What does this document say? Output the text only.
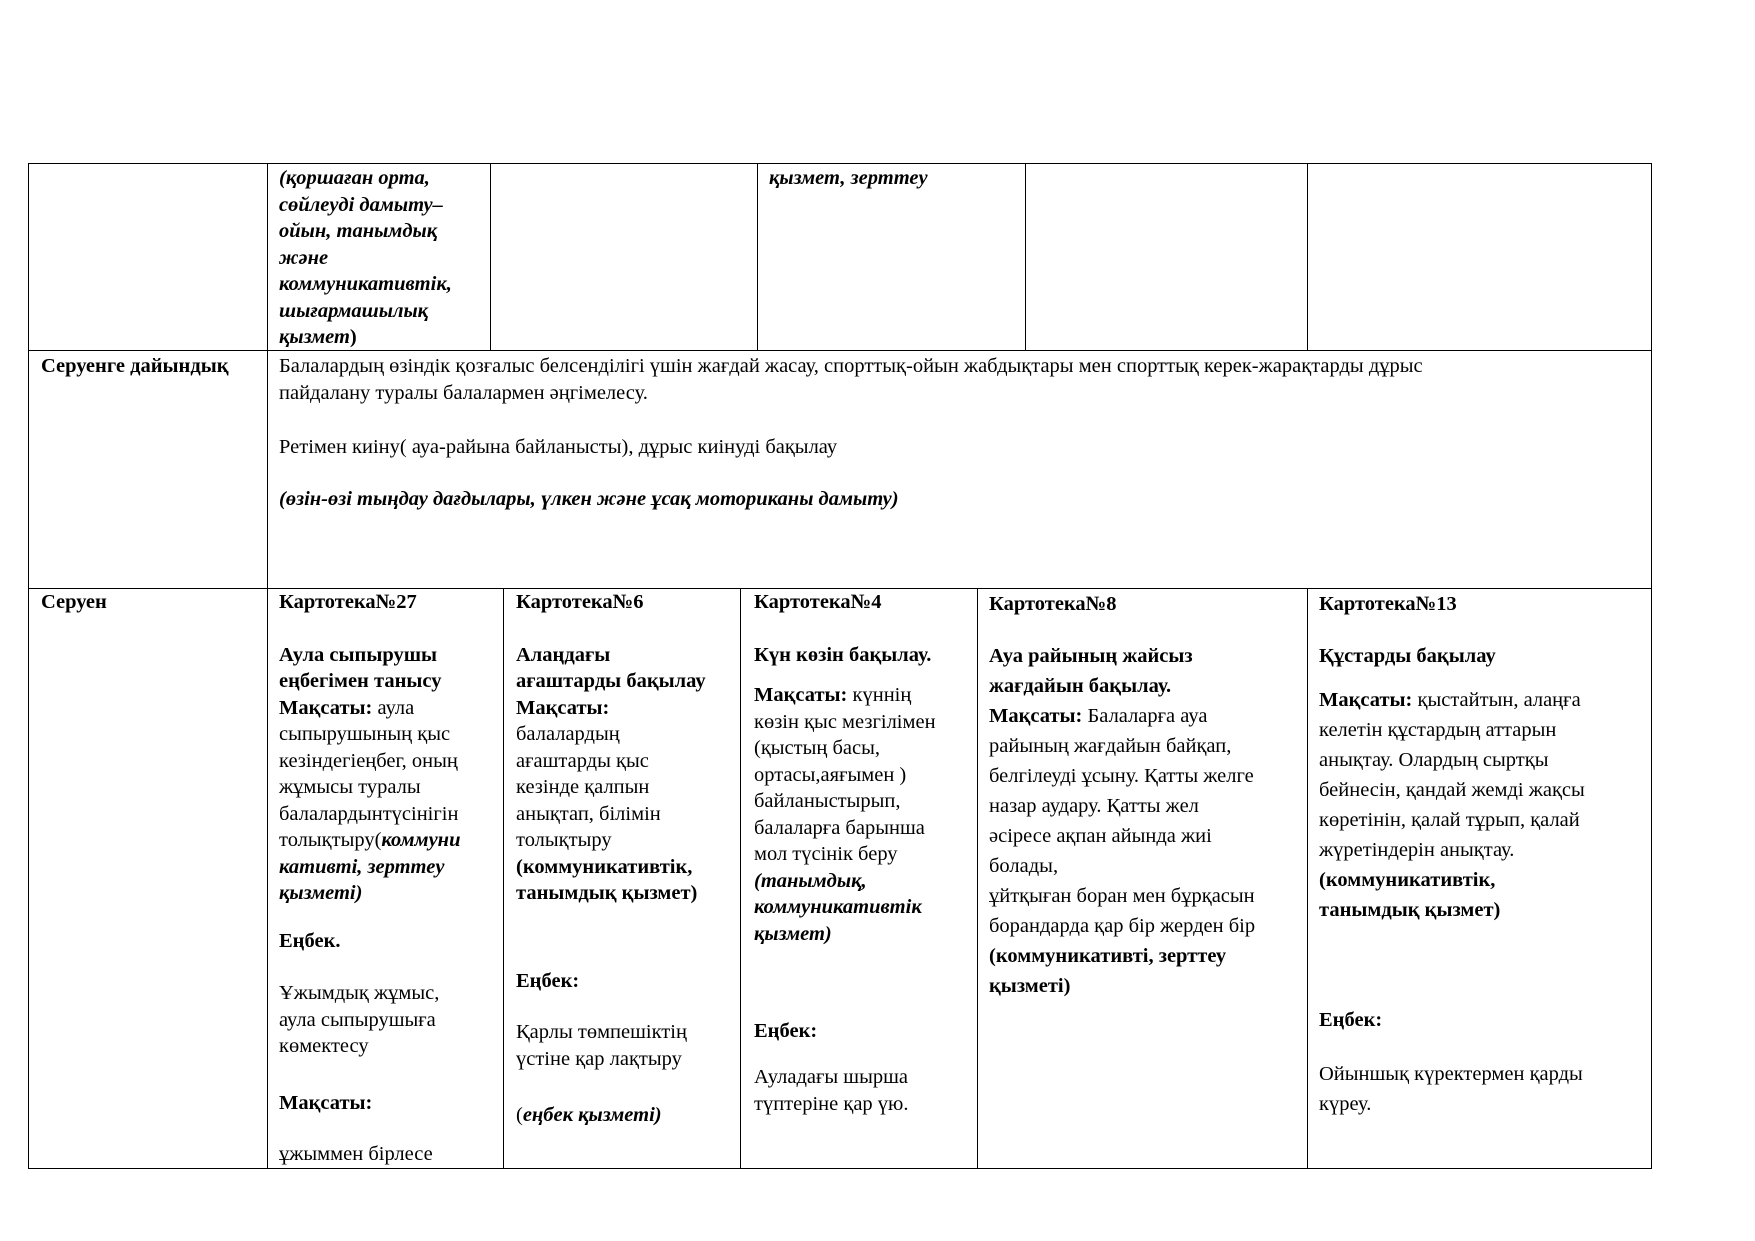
(қоршаған орта,
сөйлеуді дамыту–
ойын, танымдық
және
коммуникативтік,
шығармашылық
қызмет)
қызмет, зерттеу
Серуенге дайындық Балалардың өзіндік қозғалыс белсенділігі үшін жағдай жасау, спорттық-ойын жабдықтары мен спорттық керек-жарақтарды дұрыс
пайдалану туралы балалармен әңгімелесу.
Ретімен киіну( ауа-райына байланысты), дұрыс киінуді бақылау
(өзін-өзі тыңдау дағдылары, үлкен және ұсақ моториканы дамыту)
Серуен	Картотека№27
Аула сыпырушы
еңбегімен танысу
Мақсаты: аула
сыпырушының қыс
кезіндегіеңбег, оның
жұмысы туралы
балалардынтүсінігін
толықтыру(коммуни
кативті, зерттеу
қызметі)
Еңбек.
Ұжымдық жұмыс,
аула сыпырушыға
көмектесу
Мақсаты:
ұжыммен бірлесе
Картотека№6
Алаңдағы
ағаштарды бақылау
Мақсаты:
балалардың
ағаштарды қыс
кезінде қалпын
анықтап, білімін
толықтыру
(коммуникативтік,
танымдық қызмет)
Еңбек:
Қарлы төмпешіктің
үстіне қар лақтыру
(еңбек қызметі)
Картотека№4
Күн көзін бақылау.
Мақсаты: күннің
көзін қыс мезгілімен
(қыстың басы,
ортасы,аяғымен )
байланыстырып,
балаларға барынша
мол түсінік беру
(танымдық,
коммуникативтік
қызмет)
Еңбек:
Ауладағы шырша
түптеріне қар үю.
Картотека№8
Ауа райының жайсыз
жағдайын бақылау.
Мақсаты: Балаларға ауа
райының жағдайын байқап,
белгілеуді ұсыну. Қатты желге
назар аудару. Қатты жел
әсіресе ақпан айында жиі
болады,
ұйтқыған боран мен бұрқасын
борандарда қар бір жерден бір
(коммуникативті, зерттеу
қызметі)
Картотека№13
Құстарды бақылау
Мақсаты: қыстайтын, алаңға
келетін құстардың аттарын
анықтау. Олардың сыртқы
бейнесін, қандай жемді жақсы
көретінін, қалай тұрып, қалай
жүретіндерін анықтау.
(коммуникативтік,
танымдық қызмет)
Еңбек:
Ойыншық күректермен қарды
күреу.
